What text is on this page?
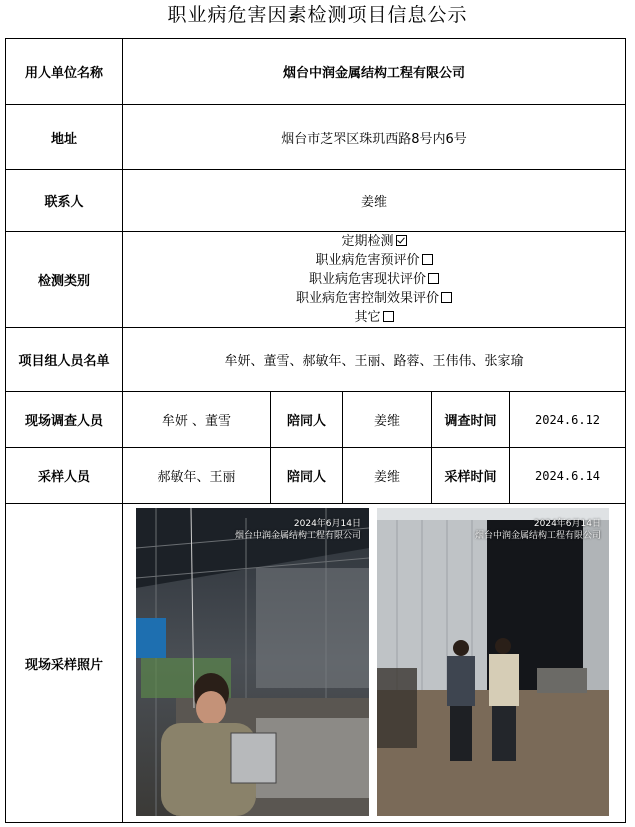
职业病危害因素检测项目信息公示
用人单位名称	烟台中润金属结构工程有限公司				
地址	烟台市芝罘区珠玑西路8号内6号				
联系人	姜维				
检测类别	定期检测
职业病危害预评价
职业病危害现状评价
职业病危害控制效果评价
其它				

项目组人员名单	牟妍、董雪、郝敏年、王丽、路蓉、王伟伟、张家瑜				
现场调查人员	牟妍 、董雪	陪同人	姜维	调查时间	2024.6.12
采样人员	郝敏年、王丽	陪同人	姜维	采样时间	2024.6.14
现场采样照片	2024年6月14日
烟台中润金属结构工程有限公司
2024年6月14日
烟台中润金属结构工程有限公司				
